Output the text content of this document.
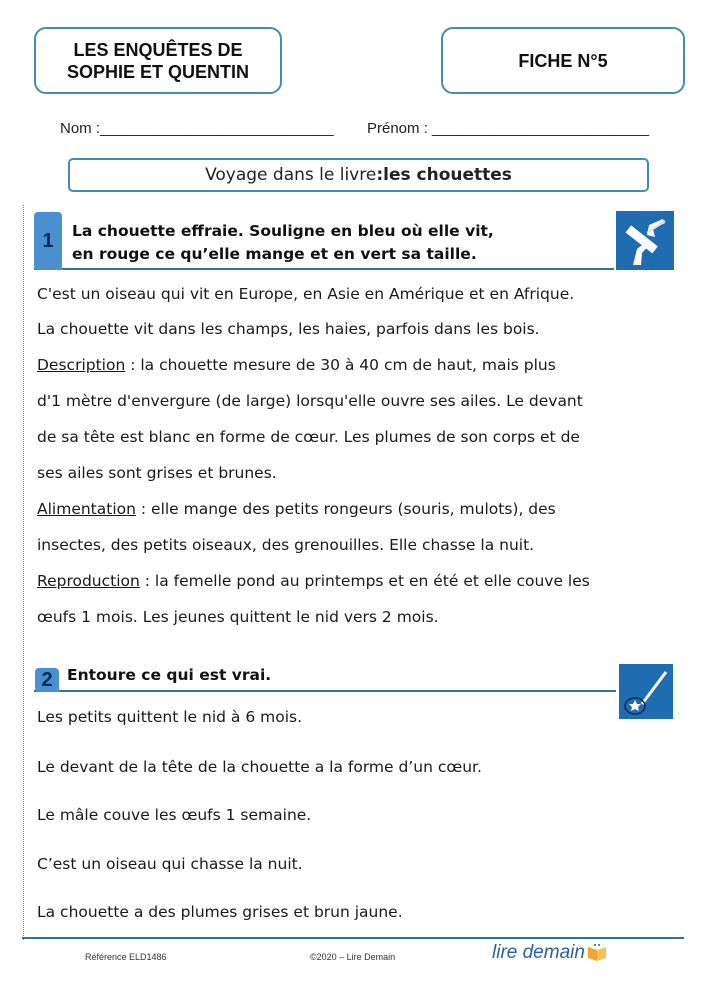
LES ENQUÊTES DE
SOPHIE ET QUENTIN
FICHE N°5
Nom :____________________________ Prénom : __________________________
Voyage dans le livre : les chouettes
1	La chouette effraie. Souligne en bleu où elle vit,
en rouge ce qu’elle mange et en vert sa taille.
C'est un oiseau qui vit en Europe, en Asie en Amérique et en Afrique.
La chouette vit dans les champs, les haies, parfois dans les bois.
Description : la chouette mesure de 30 à 40 cm de haut, mais plus
d'1 mètre d'envergure (de large) lorsqu'elle ouvre ses ailes. Le devant
de sa tête est blanc en forme de cœur. Les plumes de son corps et de
ses ailes sont grises et brunes.
Alimentation : elle mange des petits rongeurs (souris, mulots), des
insectes, des petits oiseaux, des grenouilles. Elle chasse la nuit.
Reproduction : la femelle pond au printemps et en été et elle couve les
œufs 1 mois. Les jeunes quittent le nid vers 2 mois.
2 Entoure ce qui est vrai.
Les petits quittent le nid à 6 mois.
Le devant de la tête de la chouette a la forme d’un cœur.
Le mâle couve les œufs 1 semaine.
C’est un oiseau qui chasse la nuit.
La chouette a des plumes grises et brun jaune.
Référence ELD1486	©2020 – Lire Demain	lire demain
